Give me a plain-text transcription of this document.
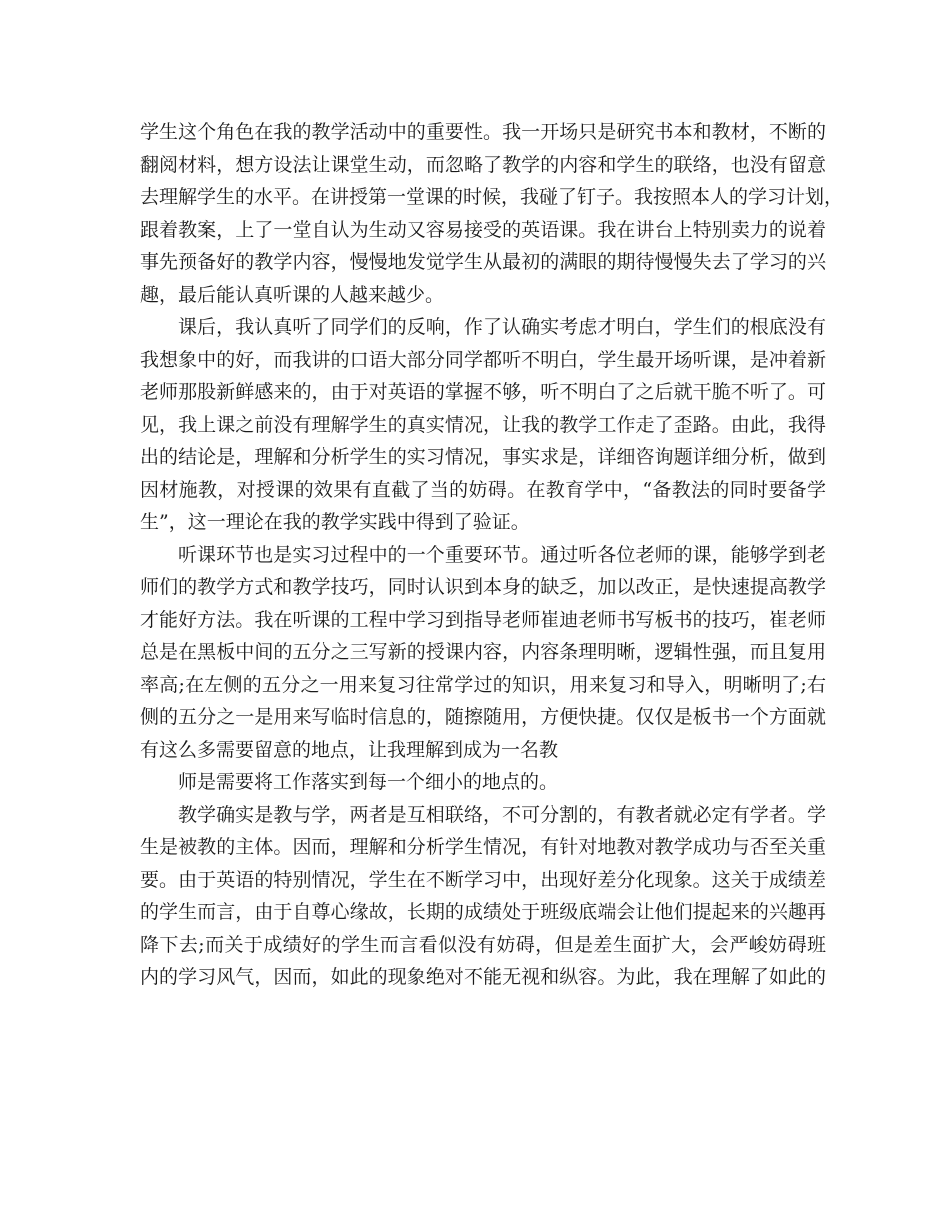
学生这个角色在我的教学活动中的重要性。我一开场只是研究书本和教材，不断的
翻阅材料，想方设法让课堂生动，而忽略了教学的内容和学生的联络，也没有留意
去理解学生的水平。在讲授第一堂课的时候，我碰了钉子。我按照本人的学习计划，
跟着教案，上了一堂自认为生动又容易接受的英语课。我在讲台上特别卖力的说着
事先预备好的教学内容，慢慢地发觉学生从最初的满眼的期待慢慢失去了学习的兴
趣，最后能认真听课的人越来越少。
课后，我认真听了同学们的反响，作了认确实考虑才明白，学生们的根底没有
我想象中的好，而我讲的口语大部分同学都听不明白，学生最开场听课，是冲着新
老师那股新鲜感来的，由于对英语的掌握不够，听不明白了之后就干脆不听了。可
见，我上课之前没有理解学生的真实情况，让我的教学工作走了歪路。由此，我得
出的结论是，理解和分析学生的实习情况，事实求是，详细咨询题详细分析，做到
因材施教，对授课的效果有直截了当的妨碍。在教育学中，“备教法的同时要备学
生”，这一理论在我的教学实践中得到了验证。
听课环节也是实习过程中的一个重要环节。通过听各位老师的课，能够学到老
师们的教学方式和教学技巧，同时认识到本身的缺乏，加以改正，是快速提高教学
才能好方法。我在听课的工程中学习到指导老师崔迪老师书写板书的技巧，崔老师
总是在黑板中间的五分之三写新的授课内容，内容条理明晰，逻辑性强，而且复用
率高;在左侧的五分之一用来复习往常学过的知识，用来复习和导入，明晰明了;右
侧的五分之一是用来写临时信息的，随擦随用，方便快捷。仅仅是板书一个方面就
有这么多需要留意的地点，让我理解到成为一名教
师是需要将工作落实到每一个细小的地点的。
教学确实是教与学，两者是互相联络，不可分割的，有教者就必定有学者。学
生是被教的主体。因而，理解和分析学生情况，有针对地教对教学成功与否至关重
要。由于英语的特别情况，学生在不断学习中，出现好差分化现象。这关于成绩差
的学生而言，由于自尊心缘故，长期的成绩处于班级底端会让他们提起来的兴趣再
降下去;而关于成绩好的学生而言看似没有妨碍，但是差生面扩大，会严峻妨碍班
内的学习风气，因而，如此的现象绝对不能无视和纵容。为此，我在理解了如此的
